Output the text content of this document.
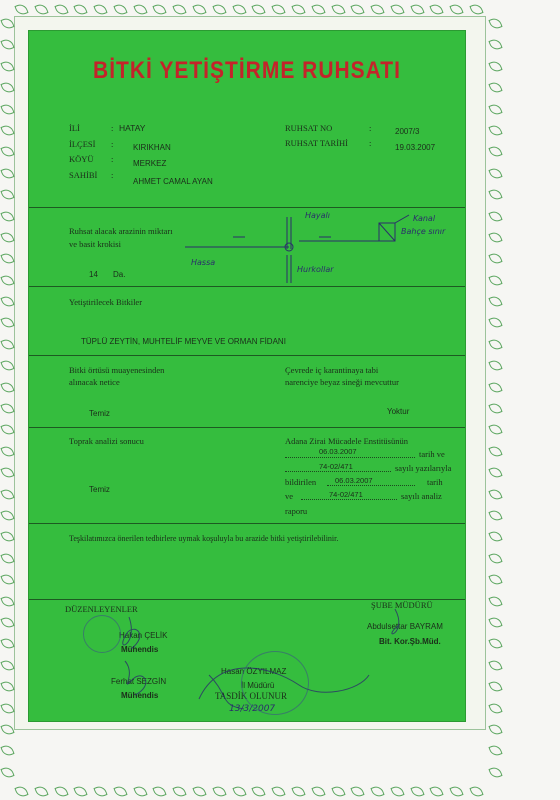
BİTKİ YETİŞTİRME RUHSATI
İLİ	: HATAY
İLÇESİ : KIRIKHAN
KÖYÜ : MERKEZ
SAHİBİ :
AHMET CAMAL AYAN
RUHSAT NO	:	2007/3
RUHSAT TARİHİ :	19.03.2007
Ruhsat alacak arazinin miktarı
ve basit krokisi
14 Da.
Hayalı
Hassa
Hurkollar
Kanal
Bahçe sınır
Yetiştirilecek Bitkiler
TÜPLÜ ZEYTİN, MUHTELİF MEYVE VE ORMAN FİDANI
Bitki örtüsü muayenesinden
alınacak netice
Temiz
Çevrede iç karantinaya tabi
narenciye beyaz sineği mevcuttur
Yoktur
Toprak analizi sonucu
Temiz
Adana Zirai Mücadele Enstitüsünün
06.03.2007	tarih ve
74-02/471	sayılı yazılarıyla
bildirilen	06.03.2007	tarih
ve	74-02/471	sayılı analiz
raporu
Teşkilatımızca önerilen tedbirlere uymak koşuluyla bu arazide bitki yetiştirilebilinir.
DÜZENLEYENLER
Hakan ÇELİK
Mühendis
Ferhat SEZGİN
Mühendis
ŞUBE MÜDÜRÜ
Abdulsettar BAYRAM
Bit. Kor.Şb.Müd.
Hasan ÖZYILMAZ
İl Müdürü
TASDİK OLUNUR
13/3/2007
